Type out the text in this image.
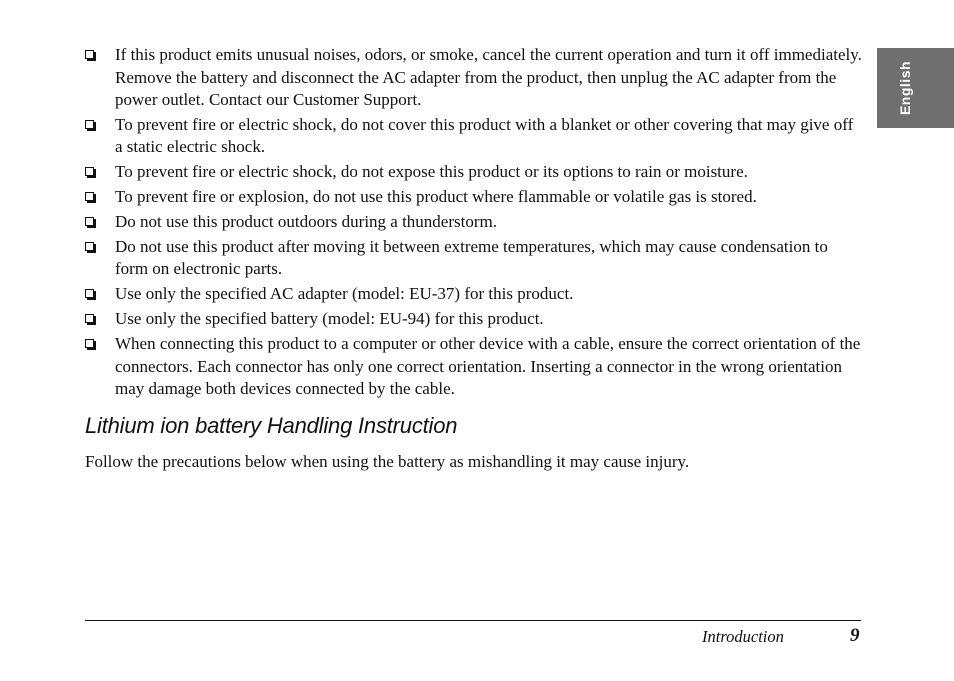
English
If this product emits unusual noises, odors, or smoke, cancel the current operation and turn it off immediately. Remove the battery and disconnect the AC adapter from the product, then unplug the AC adapter from the power outlet. Contact our Customer Support.
To prevent fire or electric shock, do not cover this product with a blanket or other covering that may give off a static electric shock.
To prevent fire or electric shock, do not expose this product or its options to rain or moisture.
To prevent fire or explosion, do not use this product where flammable or volatile gas is stored.
Do not use this product outdoors during a thunderstorm.
Do not use this product after moving it between extreme temperatures, which may cause condensation to form on electronic parts.
Use only the specified AC adapter (model: EU-37) for this product.
Use only the specified battery (model: EU-94) for this product.
When connecting this product to a computer or other device with a cable, ensure the correct orientation of the connectors. Each connector has only one correct orientation. Inserting a connector in the wrong orientation may damage both devices connected by the cable.
Lithium ion battery Handling Instruction

Follow the precautions below when using the battery as mishandling it may cause injury.

Introduction	9
